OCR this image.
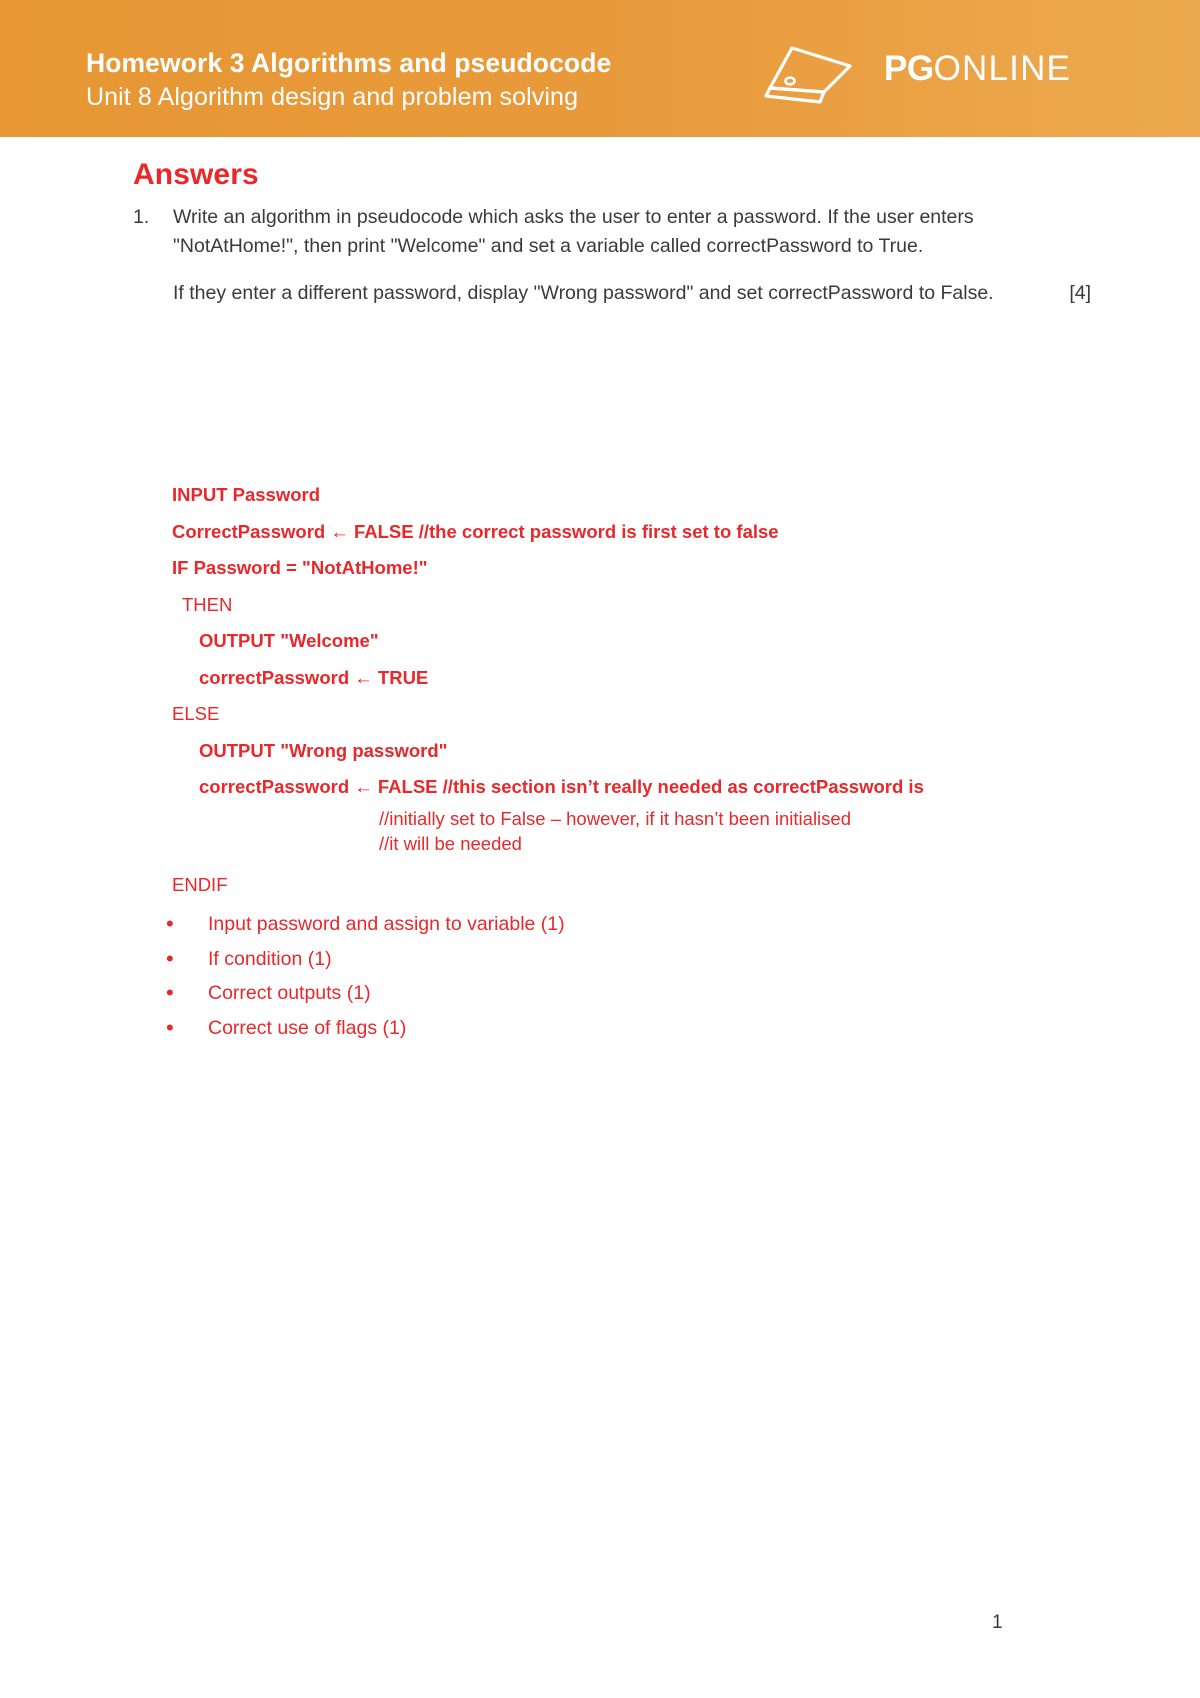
Homework 3 Algorithms and pseudocode
Unit 8 Algorithm design and problem solving
PGONLINE
Answers
1.	Write an algorithm in pseudocode which asks the user to enter a password. If the user enters "NotAtHome!", then print "Welcome" and set a variable called correctPassword to True.
If they enter a different password, display "Wrong password" and set correctPassword to False.	[4]
INPUT Password
CorrectPassword ← FALSE //the correct password is first set to false
IF Password = "NotAtHome!"
THEN
OUTPUT "Welcome"
correctPassword ← TRUE
ELSE
OUTPUT "Wrong password"
correctPassword ← FALSE //this section isn’t really needed as correctPassword is
//initially set to False – however, if it hasn’t been initialised
//it will be needed
ENDIF
•	Input password and assign to variable (1)
•	If condition (1)
•	Correct outputs (1)
•	Correct use of flags (1)
1
